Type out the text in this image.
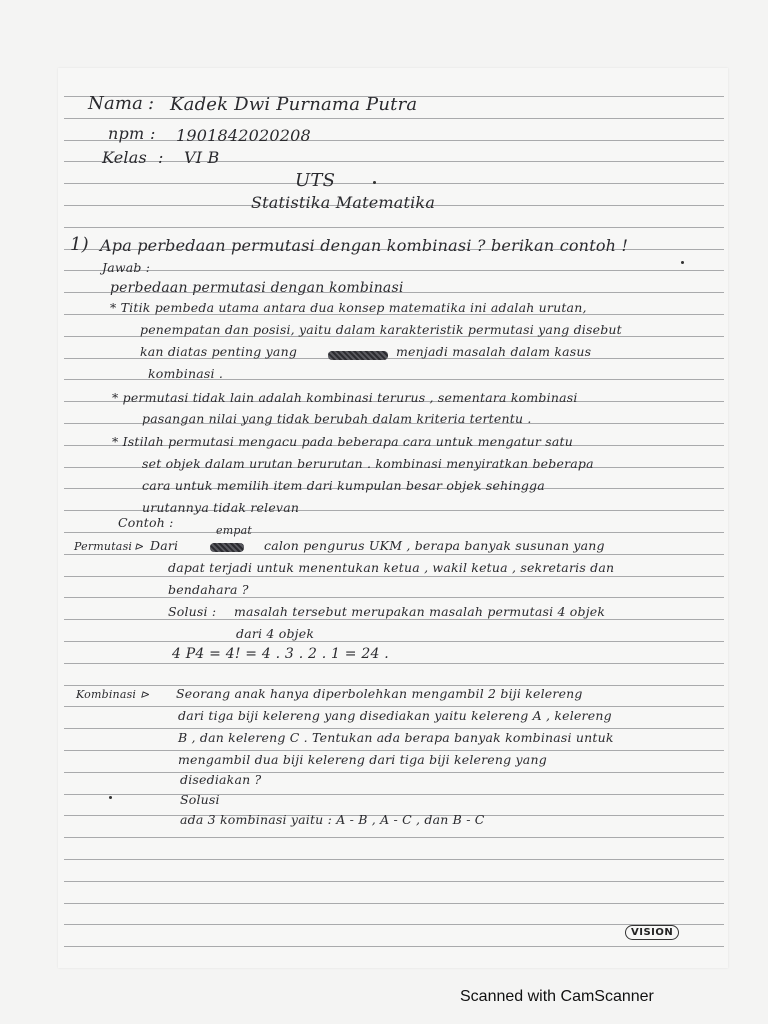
Nama : Kadek Dwi Purnama Putra
npm : 1901842020208
Kelas : VI B
UTS
Statistika Matematika
1) Apa perbedaan permutasi dengan kombinasi ? berikan contoh !
Jawab :
perbedaan permutasi dengan kombinasi
* Titik pembeda utama antara dua konsep matematika ini adalah urutan,
penempatan dan posisi, yaitu dalam karakteristik permutasi yang disebut
kan diatas penting yang	menjadi masalah dalam kasus
kombinasi .
* permutasi tidak lain adalah kombinasi terurus , sementara kombinasi
pasangan nilai yang tidak berubah dalam kriteria tertentu .
* Istilah permutasi mengacu pada beberapa cara untuk mengatur satu
set objek dalam urutan berurutan . kombinasi menyiratkan beberapa
cara untuk memilih item dari kumpulan besar objek sehingga
urutannya tidak relevan
Contoh :
Permutasi ⊳ Dari
empat
calon pengurus UKM , berapa banyak susunan yang
dapat terjadi untuk menentukan ketua , wakil ketua , sekretaris dan
bendahara ?
Solusi : masalah tersebut merupakan masalah permutasi 4 objek
dari 4 objek
4 P4 = 4! = 4 . 3 . 2 . 1 = 24 .
Kombinasi ⊳ Seorang anak hanya diperbolehkan mengambil 2 biji kelereng
dari tiga biji kelereng yang disediakan yaitu kelereng A , kelereng
B , dan kelereng C . Tentukan ada berapa banyak kombinasi untuk
mengambil dua biji kelereng dari tiga biji kelereng yang
disediakan ?
Solusi
ada 3 kombinasi yaitu : A - B , A - C , dan B - C
VISION
Scanned with CamScanner
